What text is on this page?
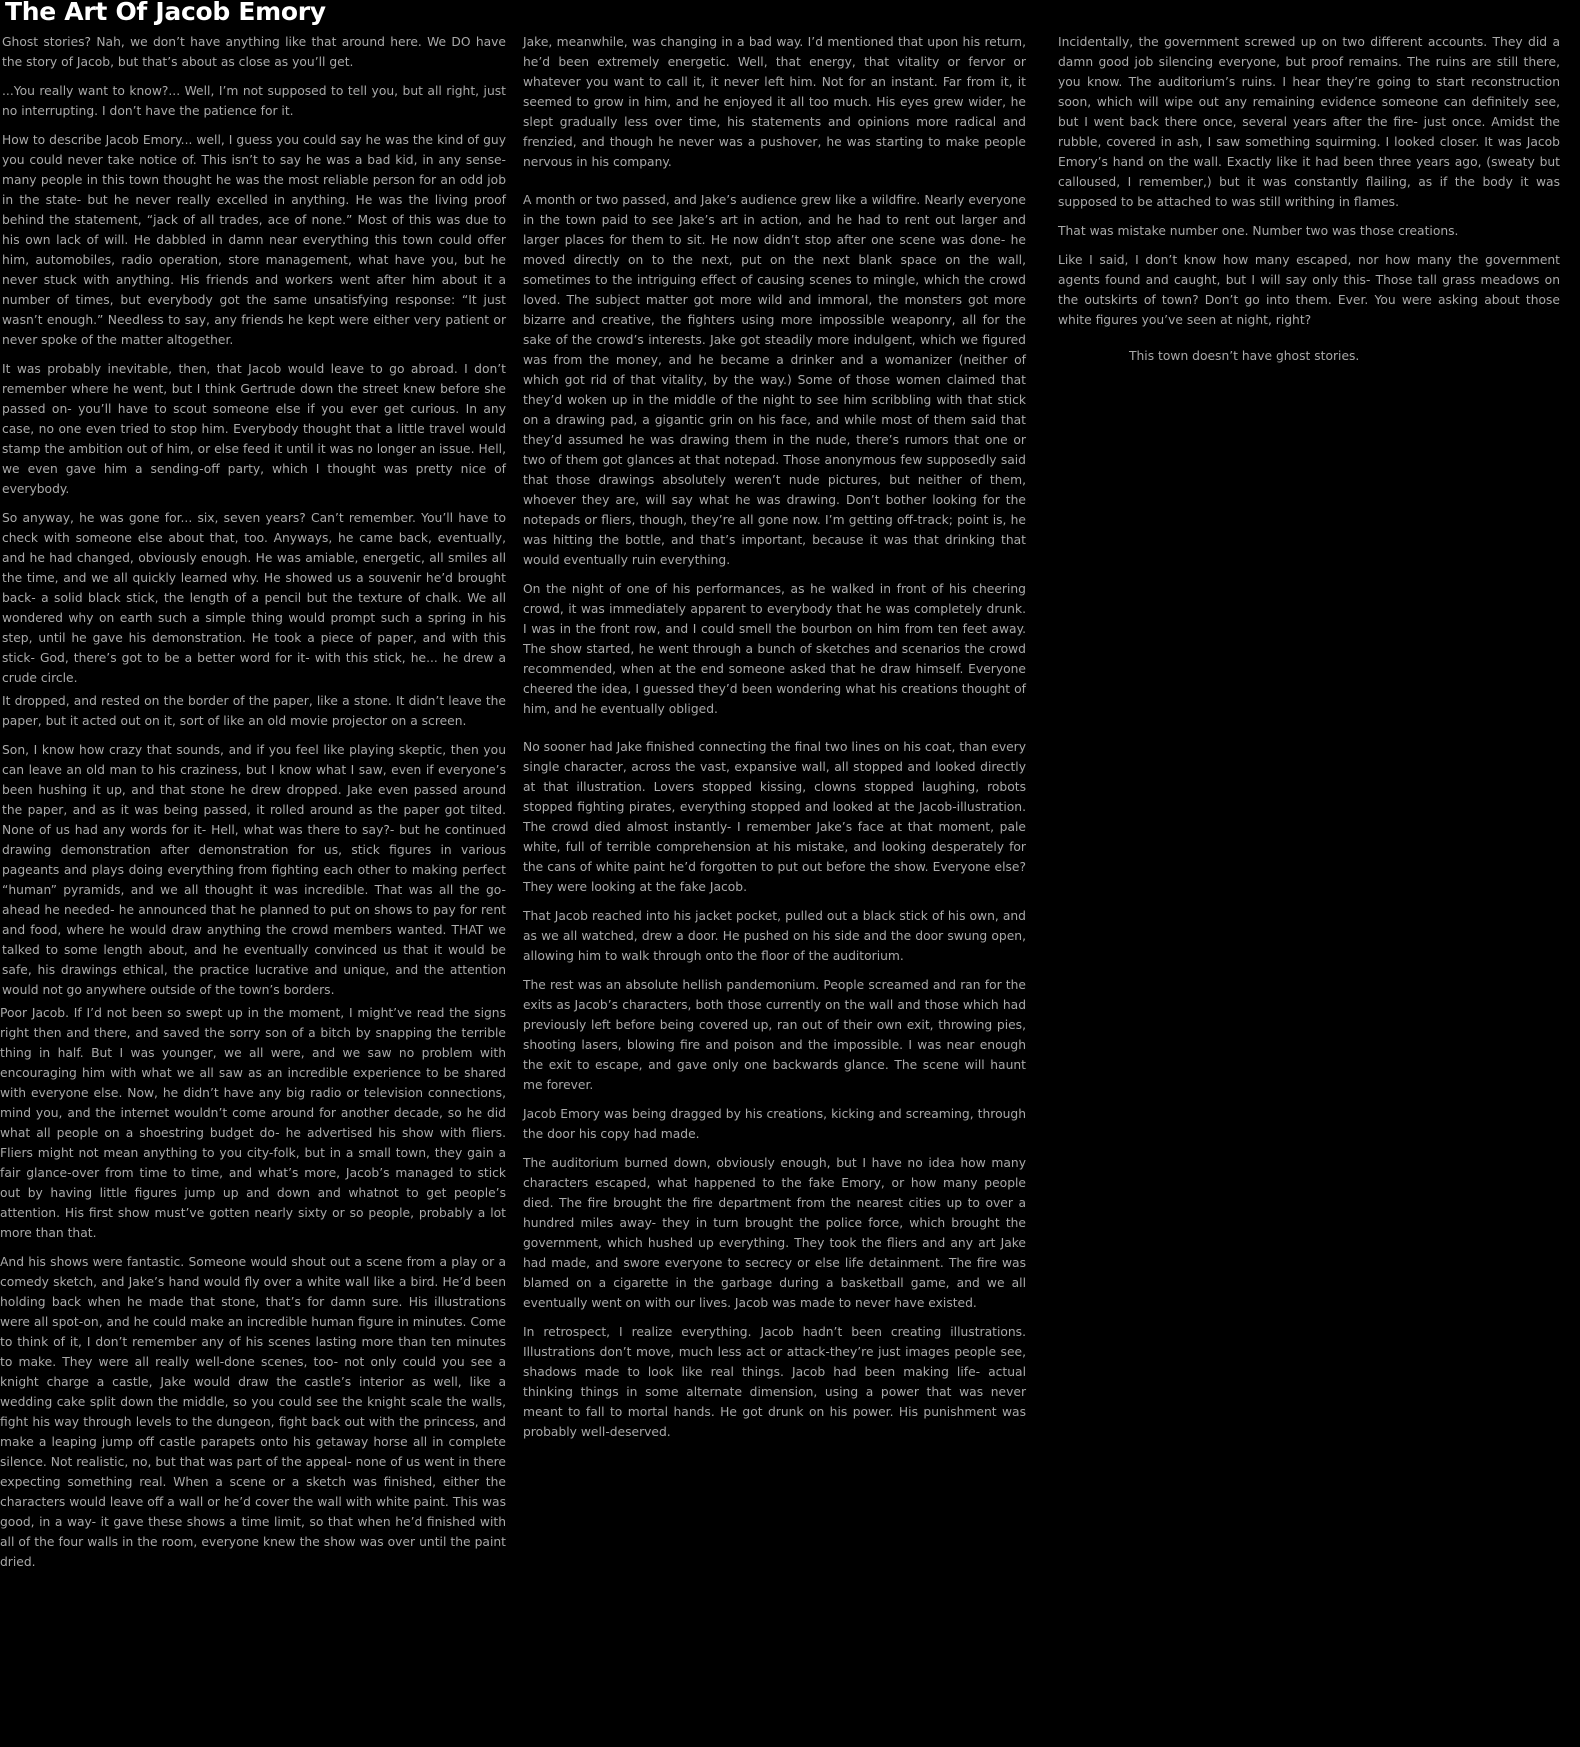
The Art Of Jacob Emory

Ghost stories? Nah, we don’t have anything like that around here. We DO have the story of Jacob, but that’s about as close as you’ll get.

...You really want to know?... Well, I’m not supposed to tell you, but all right, just no interrupting. I don’t have the patience for it.

How to describe Jacob Emory... well, I guess you could say he was the kind of guy you could never take notice of. This isn’t to say he was a bad kid, in any sense- many people in this town thought he was the most reliable person for an odd job in the state- but he never really excelled in anything. He was the living proof behind the statement, “jack of all trades, ace of none.” Most of this was due to his own lack of will. He dabbled in damn near everything this town could offer him, automobiles, radio operation, store management, what have you, but he never stuck with anything. His friends and workers went after him about it a number of times, but everybody got the same unsatisfying response: “It just wasn’t enough.” Needless to say, any friends he kept were either very patient or never spoke of the matter altogether.

It was probably inevitable, then, that Jacob would leave to go abroad. I don’t remember where he went, but I think Gertrude down the street knew before she passed on- you’ll have to scout someone else if you ever get curious. In any case, no one even tried to stop him. Everybody thought that a little travel would stamp the ambition out of him, or else feed it until it was no longer an issue. Hell, we even gave him a sending-off party, which I thought was pretty nice of everybody.

So anyway, he was gone for... six, seven years? Can’t remember. You’ll have to check with someone else about that, too. Anyways, he came back, eventually, and he had changed, obviously enough. He was amiable, energetic, all smiles all the time, and we all quickly learned why. He showed us a souvenir he’d brought back- a solid black stick, the length of a pencil but the texture of chalk. We all wondered why on earth such a simple thing would prompt such a spring in his step, until he gave his demonstration. He took a piece of paper, and with this stick- God, there’s got to be a better word for it- with this stick, he... he drew a crude circle.

It dropped, and rested on the border of the paper, like a stone. It didn’t leave the paper, but it acted out on it, sort of like an old movie projector on a screen.

Son, I know how crazy that sounds, and if you feel like playing skeptic, then you can leave an old man to his craziness, but I know what I saw, even if everyone’s been hushing it up, and that stone he drew dropped. Jake even passed around the paper, and as it was being passed, it rolled around as the paper got tilted. None of us had any words for it- Hell, what was there to say?- but he continued drawing demonstration after demonstration for us, stick figures in various pageants and plays doing everything from fighting each other to making perfect “human” pyramids, and we all thought it was incredible. That was all the go-ahead he needed- he announced that he planned to put on shows to pay for rent and food, where he would draw anything the crowd members wanted. THAT we talked to some length about, and he eventually convinced us that it would be safe, his drawings ethical, the practice lucrative and unique, and the attention would not go anywhere outside of the town’s borders.

Poor Jacob. If I’d not been so swept up in the moment, I might’ve read the signs right then and there, and saved the sorry son of a bitch by snapping the terrible thing in half. But I was younger, we all were, and we saw no problem with encouraging him with what we all saw as an incredible experience to be shared with everyone else. Now, he didn’t have any big radio or television connections, mind you, and the internet wouldn’t come around for another decade, so he did what all people on a shoestring budget do- he advertised his show with fliers. Fliers might not mean anything to you city-folk, but in a small town, they gain a fair glance-over from time to time, and what’s more, Jacob’s managed to stick out by having little figures jump up and down and whatnot to get people’s attention. His first show must’ve gotten nearly sixty or so people, probably a lot more than that.

And his shows were fantastic. Someone would shout out a scene from a play or a comedy sketch, and Jake’s hand would fly over a white wall like a bird. He’d been holding back when he made that stone, that’s for damn sure. His illustrations were all spot-on, and he could make an incredible human figure in minutes. Come to think of it, I don’t remember any of his scenes lasting more than ten minutes to make. They were all really well-done scenes, too- not only could you see a knight charge a castle, Jake would draw the castle’s interior as well, like a wedding cake split down the middle, so you could see the knight scale the walls, fight his way through levels to the dungeon, fight back out with the princess, and make a leaping jump off castle parapets onto his getaway horse all in complete silence. Not realistic, no, but that was part of the appeal- none of us went in there expecting something real. When a scene or a sketch was finished, either the characters would leave off a wall or he’d cover the wall with white paint. This was good, in a way- it gave these shows a time limit, so that when he’d finished with all of the four walls in the room, everyone knew the show was over until the paint dried.

Jake, meanwhile, was changing in a bad way. I’d mentioned that upon his return, he’d been extremely energetic. Well, that energy, that vitality or fervor or whatever you want to call it, it never left him. Not for an instant. Far from it, it seemed to grow in him, and he enjoyed it all too much. His eyes grew wider, he slept gradually less over time, his statements and opinions more radical and frenzied, and though he never was a pushover, he was starting to make people nervous in his company.

A month or two passed, and Jake’s audience grew like a wildfire. Nearly everyone in the town paid to see Jake’s art in action, and he had to rent out larger and larger places for them to sit. He now didn’t stop after one scene was done- he moved directly on to the next, put on the next blank space on the wall, sometimes to the intriguing effect of causing scenes to mingle, which the crowd loved. The subject matter got more wild and immoral, the monsters got more bizarre and creative, the fighters using more impossible weaponry, all for the sake of the crowd’s interests. Jake got steadily more indulgent, which we figured was from the money, and he became a drinker and a womanizer (neither of which got rid of that vitality, by the way.) Some of those women claimed that they’d woken up in the middle of the night to see him scribbling with that stick on a drawing pad, a gigantic grin on his face, and while most of them said that they’d assumed he was drawing them in the nude, there’s rumors that one or two of them got glances at that notepad. Those anonymous few supposedly said that those drawings absolutely weren’t nude pictures, but neither of them, whoever they are, will say what he was drawing. Don’t bother looking for the notepads or fliers, though, they’re all gone now. I’m getting off-track; point is, he was hitting the bottle, and that’s important, because it was that drinking that would eventually ruin everything.

On the night of one of his performances, as he walked in front of his cheering crowd, it was immediately apparent to everybody that he was completely drunk. I was in the front row, and I could smell the bourbon on him from ten feet away. The show started, he went through a bunch of sketches and scenarios the crowd recommended, when at the end someone asked that he draw himself. Everyone cheered the idea, I guessed they’d been wondering what his creations thought of him, and he eventually obliged.

No sooner had Jake finished connecting the final two lines on his coat, than every single character, across the vast, expansive wall, all stopped and looked directly at that illustration. Lovers stopped kissing, clowns stopped laughing, robots stopped fighting pirates, everything stopped and looked at the Jacob-illustration. The crowd died almost instantly- I remember Jake’s face at that moment, pale white, full of terrible comprehension at his mistake, and looking desperately for the cans of white paint he’d forgotten to put out before the show. Everyone else? They were looking at the fake Jacob.

That Jacob reached into his jacket pocket, pulled out a black stick of his own, and as we all watched, drew a door. He pushed on his side and the door swung open, allowing him to walk through onto the floor of the auditorium.

The rest was an absolute hellish pandemonium. People screamed and ran for the exits as Jacob’s characters, both those currently on the wall and those which had previously left before being covered up, ran out of their own exit, throwing pies, shooting lasers, blowing fire and poison and the impossible. I was near enough the exit to escape, and gave only one backwards glance. The scene will haunt me forever.

Jacob Emory was being dragged by his creations, kicking and screaming, through the door his copy had made.

The auditorium burned down, obviously enough, but I have no idea how many characters escaped, what happened to the fake Emory, or how many people died. The fire brought the fire department from the nearest cities up to over a hundred miles away- they in turn brought the police force, which brought the government, which hushed up everything. They took the fliers and any art Jake had made, and swore everyone to secrecy or else life detainment. The fire was blamed on a cigarette in the garbage during a basketball game, and we all eventually went on with our lives. Jacob was made to never have existed.

In retrospect, I realize everything. Jacob hadn’t been creating illustrations. Illustrations don’t move, much less act or attack-they’re just images people see, shadows made to look like real things. Jacob had been making life- actual thinking things in some alternate dimension, using a power that was never meant to fall to mortal hands. He got drunk on his power. His punishment was probably well-deserved.

Incidentally, the government screwed up on two different accounts. They did a damn good job silencing everyone, but proof remains. The ruins are still there, you know. The auditorium’s ruins. I hear they’re going to start reconstruction soon, which will wipe out any remaining evidence someone can definitely see, but I went back there once, several years after the fire- just once. Amidst the rubble, covered in ash, I saw something squirming. I looked closer. It was Jacob Emory’s hand on the wall. Exactly like it had been three years ago, (sweaty but calloused, I remember,) but it was constantly flailing, as if the body it was supposed to be attached to was still writhing in flames.

That was mistake number one. Number two was those creations.

Like I said, I don’t know how many escaped, nor how many the government agents found and caught, but I will say only this- Those tall grass meadows on the outskirts of town? Don’t go into them. Ever. You were asking about those white figures you’ve seen at night, right?

This town doesn’t have ghost stories.
